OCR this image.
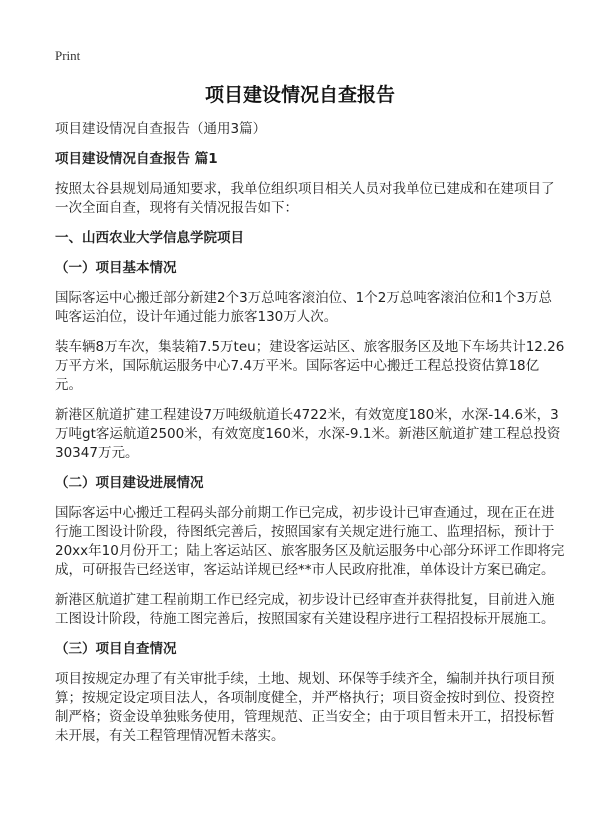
Print
项目建设情况自查报告

项目建设情况自查报告（通用3篇）

项目建设情况自查报告 篇1

按照太谷县规划局通知要求，我单位组织项目相关人员对我单位已建成和在建项目了一次全面自查，现将有关情况报告如下：

一、山西农业大学信息学院项目

（一）项目基本情况

国际客运中心搬迁部分新建2个3万总吨客滚泊位、1个2万总吨客滚泊位和1个3万总吨客运泊位，设计年通过能力旅客130万人次。

装车辆8万车次，集装箱7.5万teu；建设客运站区、旅客服务区及地下车场共计12.26万平方米，国际航运服务中心7.4万平米。国际客运中心搬迁工程总投资估算18亿元。

新港区航道扩建工程建设7万吨级航道长4722米，有效宽度180米，水深-14.6米，3万吨gt客运航道2500米，有效宽度160米，水深-9.1米。新港区航道扩建工程总投资30347万元。

（二）项目建设进展情况

国际客运中心搬迁工程码头部分前期工作已完成，初步设计已审查通过，现在正在进行施工图设计阶段，待图纸完善后，按照国家有关规定进行施工、监理招标，预计于20xx年10月份开工；陆上客运站区、旅客服务区及航运服务中心部分环评工作即将完成，可研报告已经送审，客运站详规已经**市人民政府批准，单体设计方案已确定。

新港区航道扩建工程前期工作已经完成，初步设计已经审查并获得批复，目前进入施工图设计阶段，待施工图完善后，按照国家有关建设程序进行工程招投标开展施工。

（三）项目自查情况

项目按规定办理了有关审批手续，土地、规划、环保等手续齐全，编制并执行项目预算；按规定设定项目法人，各项制度健全，并严格执行；项目资金按时到位、投资控制严格；资金设单独账务使用，管理规范、正当安全；由于项目暂未开工，招投标暂未开展，有关工程管理情况暂未落实。
